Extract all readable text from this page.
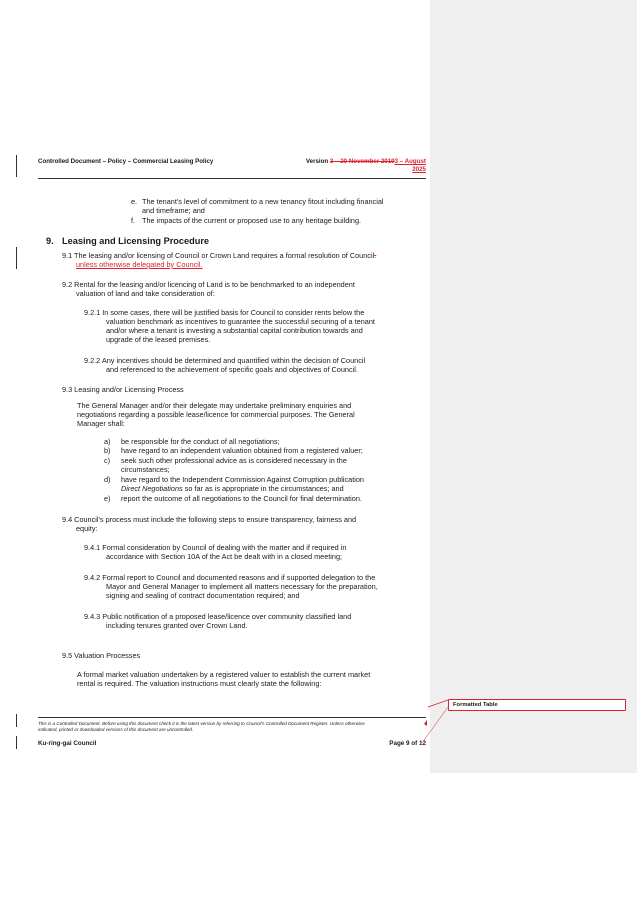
Controlled Document – Policy – Commercial Leasing Policy	Version 3 – 20 November 20193 – August
2025
e. The tenant's level of commitment to a new tenancy fitout including financial
and timeframe; and
f. The impacts of the current or proposed use to any heritage building.
9. Leasing and Licensing Procedure
9.1 The leasing and/or licensing of Council or Crown Land requires a formal resolution of Council.
unless otherwise delegated by Council.
9.2 Rental for the leasing and/or licencing of Land is to be benchmarked to an independent
valuation of land and take consideration of:
9.2.1 In some cases, there will be justified basis for Council to consider rents below the
valuation benchmark as incentives to guarantee the successful securing of a tenant
and/or where a tenant is investing a substantial capital contribution towards and
upgrade of the leased premises.
9.2.2 Any incentives should be determined and quantified within the decision of Council
and referenced to the achievement of specific goals and objectives of Council.
9.3 Leasing and/or Licensing Process
The General Manager and/or their delegate may undertake preliminary enquiries and
negotiations regarding a possible lease/licence for commercial purposes. The General
Manager shall:
a) be responsible for the conduct of all negotiations;
b) have regard to an independent valuation obtained from a registered valuer;
c) seek such other professional advice as is considered necessary in the
circumstances;
d) have regard to the Independent Commission Against Corruption publication
Direct Negotiations so far as is appropriate in the circumstances; and
e) report the outcome of all negotiations to the Council for final determination.
9.4 Council's process must include the following steps to ensure transparency, fairness and
equity:
9.4.1 Formal consideration by Council of dealing with the matter and if required in
accordance with Section 10A of the Act be dealt with in a closed meeting;
9.4.2 Formal report to Council and documented reasons and if supported delegation to the
Mayor and General Manager to implement all matters necessary for the preparation,
signing and sealing of contract documentation required; and
9.4.3 Public notification of a proposed lease/licence over community classified land
including tenures granted over Crown Land.
9.5 Valuation Processes
A formal market valuation undertaken by a registered valuer to establish the current market
rental is required. The valuation instructions must clearly state the following:
This is a Controlled Document. Before using this document check it is the latest version by referring to Council's Controlled Document Register. Unless otherwise
indicated, printed or downloaded versions of this document are uncontrolled.
Ku-ring-gai Council	Page 9 of 12
Formatted Table
